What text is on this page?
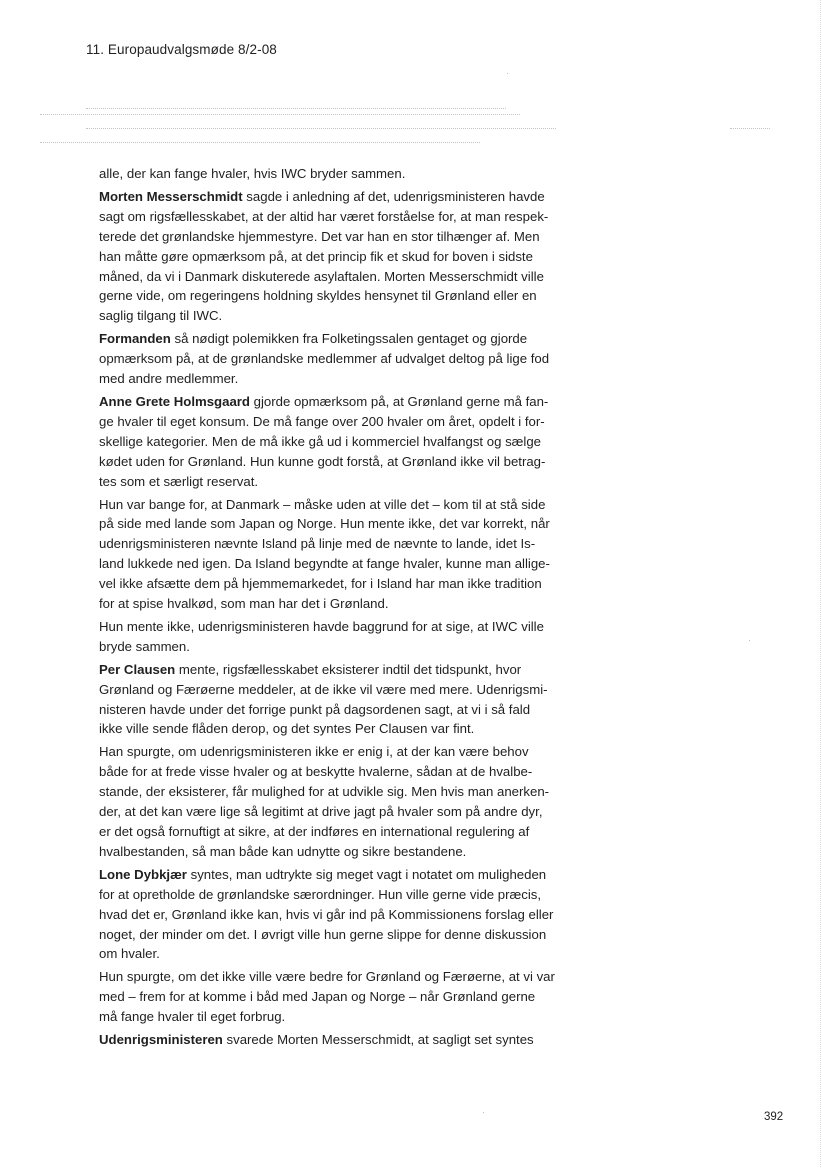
11. Europaudvalgsmøde 8/2-08
alle, der kan fange hvaler, hvis IWC bryder sammen.
Morten Messerschmidt sagde i anledning af det, udenrigsministeren havde
sagt om rigsfællesskabet, at der altid har været forståelse for, at man respek-
terede det grønlandske hjemmestyre. Det var han en stor tilhænger af. Men
han måtte gøre opmærksom på, at det princip fik et skud for boven i sidste
måned, da vi i Danmark diskuterede asylaftalen. Morten Messerschmidt ville
gerne vide, om regeringens holdning skyldes hensynet til Grønland eller en
saglig tilgang til IWC.
Formanden så nødigt polemikken fra Folketingssalen gentaget og gjorde
opmærksom på, at de grønlandske medlemmer af udvalget deltog på lige fod
med andre medlemmer.
Anne Grete Holmsgaard gjorde opmærksom på, at Grønland gerne må fan-
ge hvaler til eget konsum. De må fange over 200 hvaler om året, opdelt i for-
skellige kategorier. Men de må ikke gå ud i kommerciel hvalfangst og sælge
kødet uden for Grønland. Hun kunne godt forstå, at Grønland ikke vil betrag-
tes som et særligt reservat.
Hun var bange for, at Danmark – måske uden at ville det – kom til at stå side
på side med lande som Japan og Norge. Hun mente ikke, det var korrekt, når
udenrigsministeren nævnte Island på linje med de nævnte to lande, idet Is-
land lukkede ned igen. Da Island begyndte at fange hvaler, kunne man allige-
vel ikke afsætte dem på hjemmemarkedet, for i Island har man ikke tradition
for at spise hvalkød, som man har det i Grønland.
Hun mente ikke, udenrigsministeren havde baggrund for at sige, at IWC ville
bryde sammen.
Per Clausen mente, rigsfællesskabet eksisterer indtil det tidspunkt, hvor
Grønland og Færøerne meddeler, at de ikke vil være med mere. Udenrigsmi-
nisteren havde under det forrige punkt på dagsordenen sagt, at vi i så fald
ikke ville sende flåden derop, og det syntes Per Clausen var fint.
Han spurgte, om udenrigsministeren ikke er enig i, at der kan være behov
både for at frede visse hvaler og at beskytte hvalerne, sådan at de hvalbe-
stande, der eksisterer, får mulighed for at udvikle sig. Men hvis man anerken-
der, at det kan være lige så legitimt at drive jagt på hvaler som på andre dyr,
er det også fornuftigt at sikre, at der indføres en international regulering af
hvalbestanden, så man både kan udnytte og sikre bestandene.
Lone Dybkjær syntes, man udtrykte sig meget vagt i notatet om muligheden
for at opretholde de grønlandske særordninger. Hun ville gerne vide præcis,
hvad det er, Grønland ikke kan, hvis vi går ind på Kommissionens forslag eller
noget, der minder om det. I øvrigt ville hun gerne slippe for denne diskussion
om hvaler.
Hun spurgte, om det ikke ville være bedre for Grønland og Færøerne, at vi var
med – frem for at komme i båd med Japan og Norge – når Grønland gerne
må fange hvaler til eget forbrug.
Udenrigsministeren svarede Morten Messerschmidt, at sagligt set syntes
392
